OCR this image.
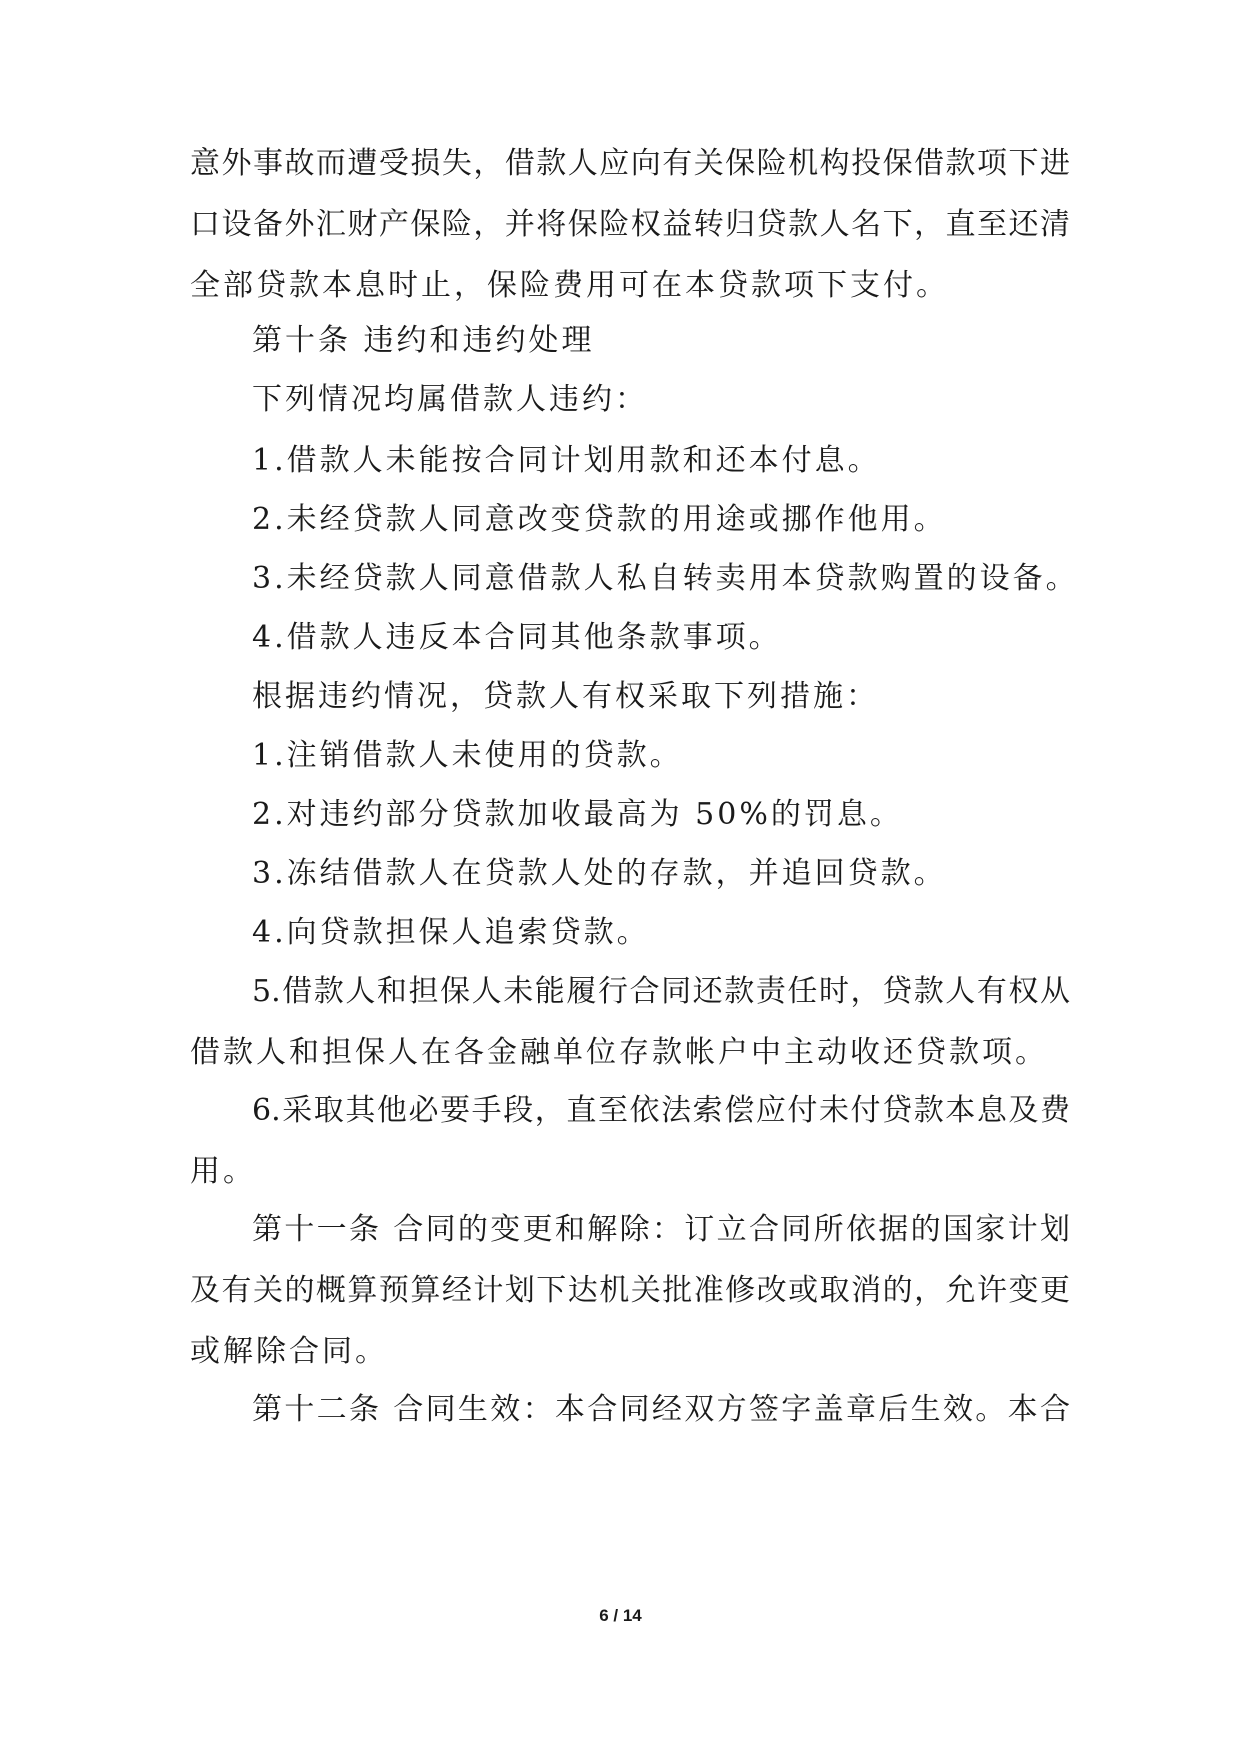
意外事故而遭受损失，借款人应向有关保险机构投保借款项下进
口设备外汇财产保险，并将保险权益转归贷款人名下，直至还清
全部贷款本息时止，保险费用可在本贷款项下支付。
第十条 违约和违约处理
下列情况均属借款人违约：
1.借款人未能按合同计划用款和还本付息。
2.未经贷款人同意改变贷款的用途或挪作他用。
3.未经贷款人同意借款人私自转卖用本贷款购置的设备。
4.借款人违反本合同其他条款事项。
根据违约情况，贷款人有权采取下列措施：
1.注销借款人未使用的贷款。
2.对违约部分贷款加收最高为 50%的罚息。
3.冻结借款人在贷款人处的存款，并追回贷款。
4.向贷款担保人追索贷款。
5.借款人和担保人未能履行合同还款责任时，贷款人有权从
借款人和担保人在各金融单位存款帐户中主动收还贷款项。
6.采取其他必要手段，直至依法索偿应付未付贷款本息及费
用。
第十一条 合同的变更和解除：订立合同所依据的国家计划
及有关的概算预算经计划下达机关批准修改或取消的，允许变更
或解除合同。
第十二条 合同生效：本合同经双方签字盖章后生效。本合
6 / 14
